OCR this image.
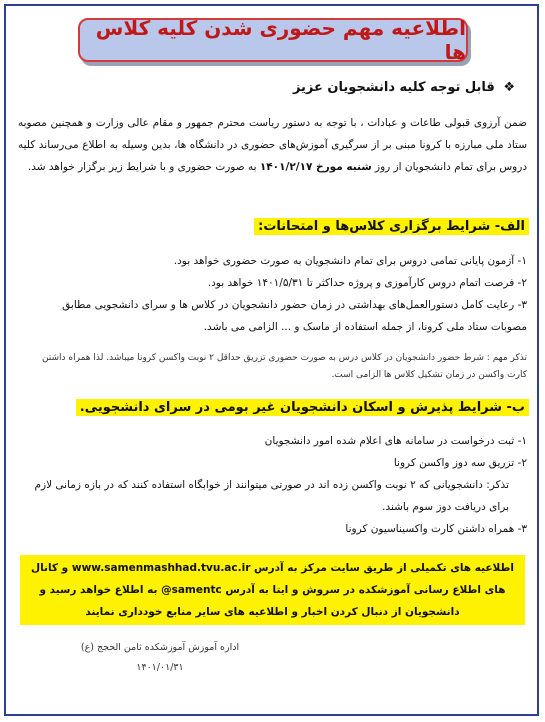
اطلاعیه مهم حضوری شدن کلیه کلاس ها
❖ قابل توجه کلیه دانشجویان عزیز
ضمن آرزوی قبولی طاعات و عبادات ، با توجه به دستور ریاست محترم جمهور و مقام عالی وزارت و همچنین مصوبه ستاد ملی مبارزه با کرونا مبنی بر از سرگیری آموزش‌های حضوری در دانشگاه ها، بدین وسیله به اطلاع می‌رساند کلیه دروس برای تمام دانشجویان از روز شنبه مورخ ۱۴۰۱/۲/۱۷ به صورت حضوری و با شرایط زیر برگزار خواهد شد.
الف- شرایط برگزاری کلاس‌ها و امتحانات:
۱- آزمون پایانی تمامی دروس برای تمام دانشجویان به صورت حضوری خواهد بود.
۲- فرصت اتمام دروس کارآموزی و پروژه حداکثر تا ۱۴۰۱/۵/۳۱ خواهد بود.
۳- رعایت کامل دستورالعمل‌های بهداشتی در زمان حضور دانشجویان در کلاس ها و سرای دانشجویی مطابق مصوبات ستاد ملی کرونا، از جمله استفاده از ماسک و ... الزامی می باشد.
تذکر مهم : شرط حضور دانشجویان در کلاس درس به صورت حضوری تزریق حداقل ۲ نوبت واکسن کرونا میباشد. لذا همراه داشتن کارت واکسن در زمان تشکیل کلاس ها الزامی است.
ب- شرایط پذیرش و اسکان دانشجویان غیر بومی در سرای دانشجویی.
۱- ثبت درخواست در سامانه های اعلام شده امور دانشجویان
۲- تزریق سه دوز واکسن کرونا
تذکر: دانشجویانی که ۲ نوبت واکسن زده اند در صورتی میتوانند از خوابگاه استفاده کنند که در بازه زمانی لازم برای دریافت دوز سوم باشند.
۳- همراه داشتن کارت واکسیناسیون کرونا
اطلاعیه های تکمیلی از طریق سایت مرکز به آدرس www.samenmashhad.tvu.ac.ir و کانال های اطلاع رسانی آموزشکده در سروش و ایتا به آدرس samentc@ به اطلاع خواهد رسید و دانشجویان از دنبال کردن اخبار و اطلاعیه های سایر منابع خودداری نمایند
اداره آموزش آموزشکده ثامن الحجج (ع)
۱۴۰۱/۰۱/۳۱
